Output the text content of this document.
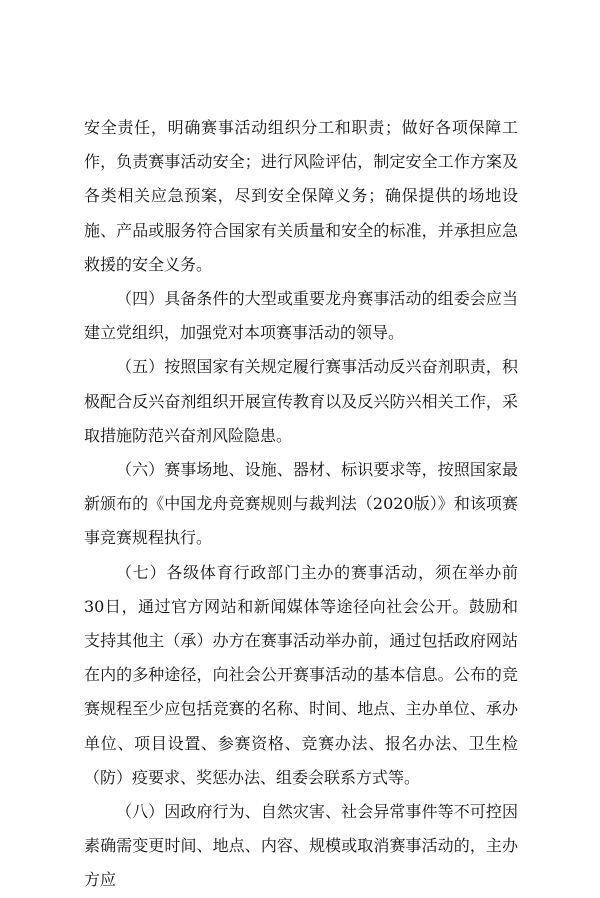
安全责任，明确赛事活动组织分工和职责；做好各项保障工作，负责赛事活动安全；进行风险评估，制定安全工作方案及各类相关应急预案，尽到安全保障义务；确保提供的场地设施、产品或服务符合国家有关质量和安全的标准，并承担应急救援的安全义务。

（四）具备条件的大型或重要龙舟赛事活动的组委会应当建立党组织，加强党对本项赛事活动的领导。

（五）按照国家有关规定履行赛事活动反兴奋剂职责，积极配合反兴奋剂组织开展宣传教育以及反兴防兴相关工作，采取措施防范兴奋剂风险隐患。

（六）赛事场地、设施、器材、标识要求等，按照国家最新颁布的《中国龙舟竞赛规则与裁判法（2020版）》和该项赛事竞赛规程执行。

（七）各级体育行政部门主办的赛事活动，须在举办前30日，通过官方网站和新闻媒体等途径向社会公开。鼓励和支持其他主（承）办方在赛事活动举办前，通过包括政府网站在内的多种途径，向社会公开赛事活动的基本信息。公布的竞赛规程至少应包括竞赛的名称、时间、地点、主办单位、承办单位、项目设置、参赛资格、竞赛办法、报名办法、卫生检（防）疫要求、奖惩办法、组委会联系方式等。

（八）因政府行为、自然灾害、社会异常事件等不可控因素确需变更时间、地点、内容、规模或取消赛事活动的，主办方应
